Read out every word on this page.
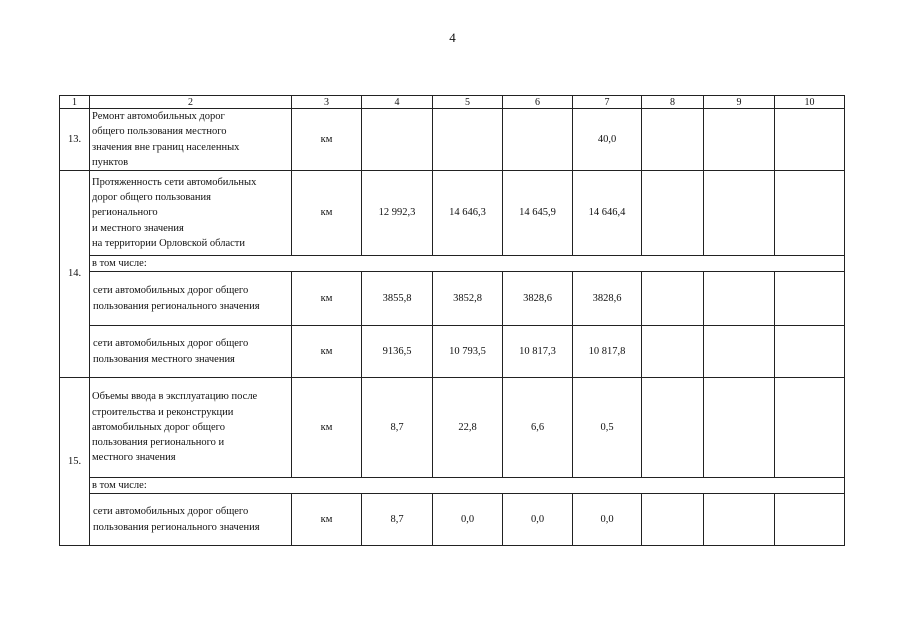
4
1	2	3	4	5	6	7	8	9	10
13.	Ремонт автомобильных дорог
общего пользования местного
значения вне границ населенных
пунктов	км				40,0			
14.	Протяженность сети автомобильных
дорог общего пользования
регионального
и местного значения
на территории Орловской области	км	12 992,3	14 646,3	14 645,9	14 646,4			
	в том числе:								

	сети автомобильных дорог общего
пользования регионального значения	км	3855,8	3852,8	3828,6	3828,6			

	сети автомобильных дорог общего
пользования местного значения	км	9136,5	10 793,5	10 817,3	10 817,8			
15.	Объемы ввода в эксплуатацию после
строительства и реконструкции
автомобильных дорог общего
пользования регионального и
местного значения	км	8,7	22,8	6,6	0,5			
	в том числе:								

	сети автомобильных дорог общего
пользования регионального значения	км	8,7	0,0	0,0	0,0			
